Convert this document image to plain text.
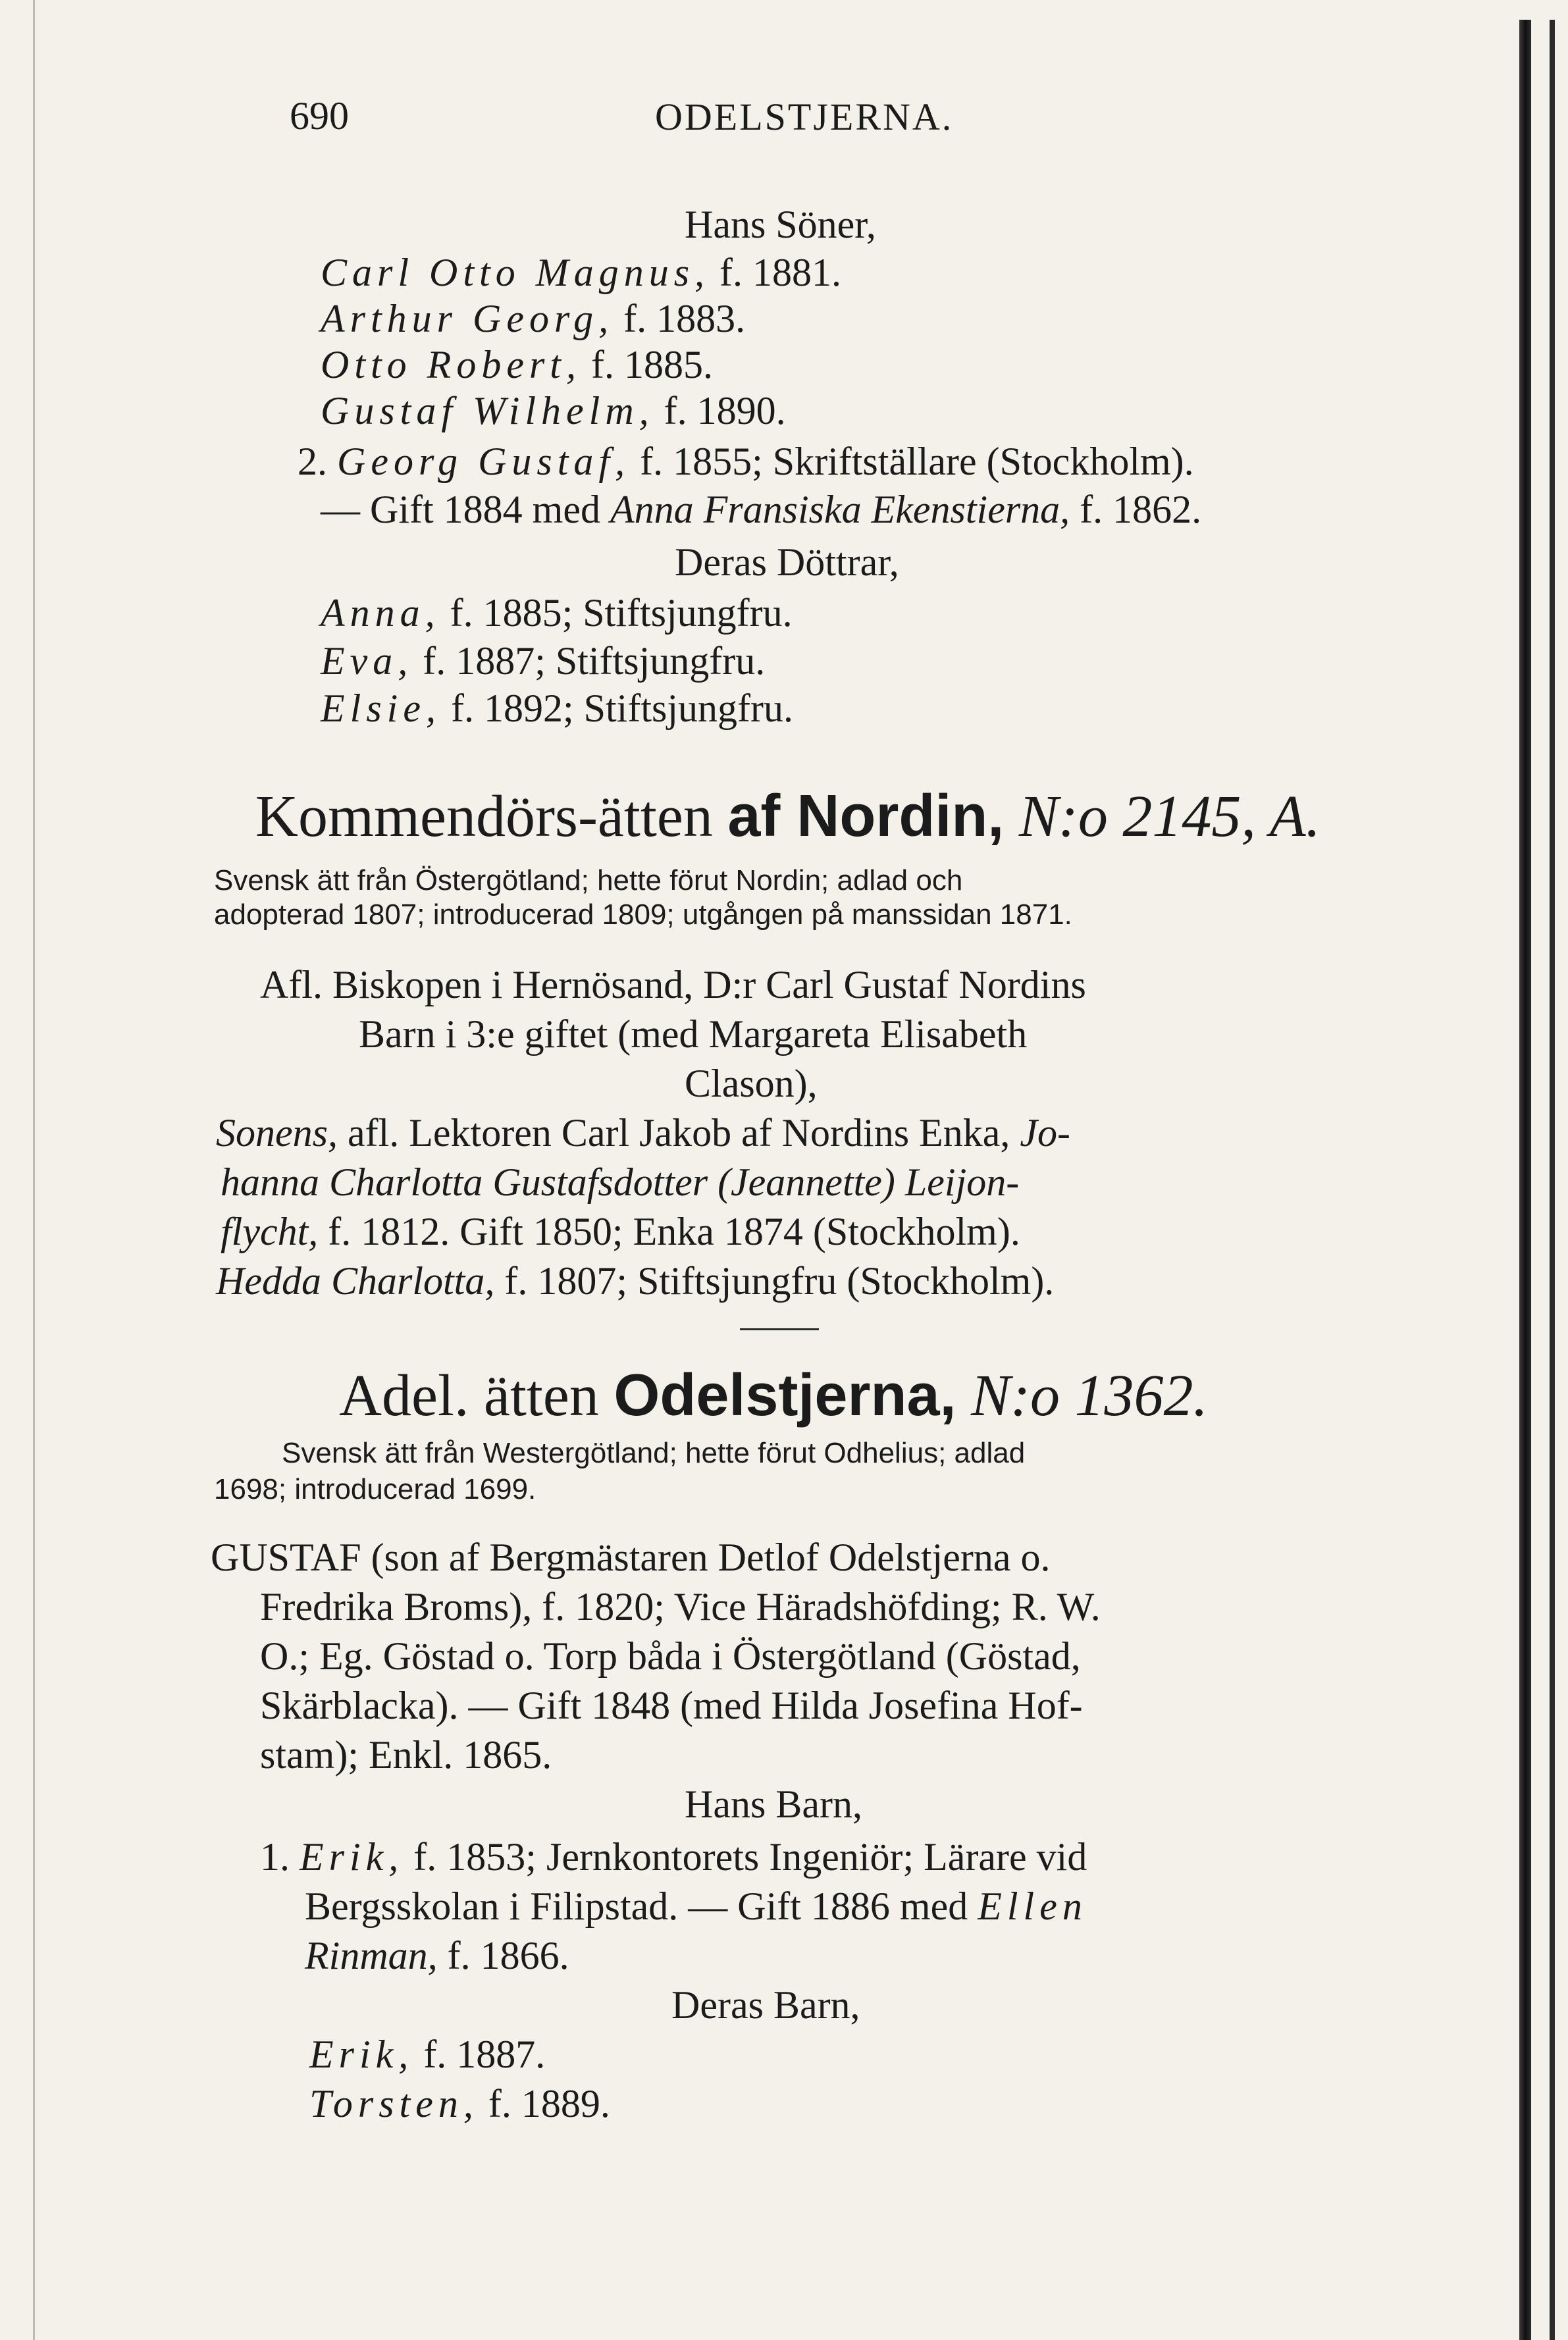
690	ODELSTJERNA.
Hans Söner,
Carl Otto Magnus, f. 1881.
Arthur Georg, f. 1883.
Otto Robert, f. 1885.
Gustaf Wilhelm, f. 1890.
2. Georg Gustaf, f. 1855; Skriftställare (Stockholm).
— Gift 1884 med Anna Fransiska Ekenstierna, f. 1862.
Deras Döttrar,
Anna, f. 1885; Stiftsjungfru.
Eva, f. 1887; Stiftsjungfru.
Elsie, f. 1892; Stiftsjungfru.
Kommendörs-ätten af Nordin, N:o 2145, A.
Svensk ätt från Östergötland; hette förut Nordin; adlad och
adopterad 1807; introducerad 1809; utgången på manssidan 1871.
Afl. Biskopen i Hernösand, D:r Carl Gustaf Nordins
Barn i 3:e giftet (med Margareta Elisabeth
Clason),
Sonens, afl. Lektoren Carl Jakob af Nordins Enka, Jo-
hanna Charlotta Gustafsdotter (Jeannette) Leijon-
flycht, f. 1812. Gift 1850; Enka 1874 (Stockholm).
Hedda Charlotta, f. 1807; Stiftsjungfru (Stockholm).
Adel. ätten Odelstjerna, N:o 1362.
Svensk ätt från Westergötland; hette förut Odhelius; adlad
1698; introducerad 1699.
GUSTAF (son af Bergmästaren Detlof Odelstjerna o.
Fredrika Broms), f. 1820; Vice Häradshöfding; R. W.
O.; Eg. Göstad o. Torp båda i Östergötland (Göstad,
Skärblacka). — Gift 1848 (med Hilda Josefina Hof-
stam); Enkl. 1865.
Hans Barn,
1. Erik, f. 1853; Jernkontorets Ingeniör; Lärare vid
Bergsskolan i Filipstad. — Gift 1886 med Ellen
Rinman, f. 1866.
Deras Barn,
Erik, f. 1887.
Torsten, f. 1889.
